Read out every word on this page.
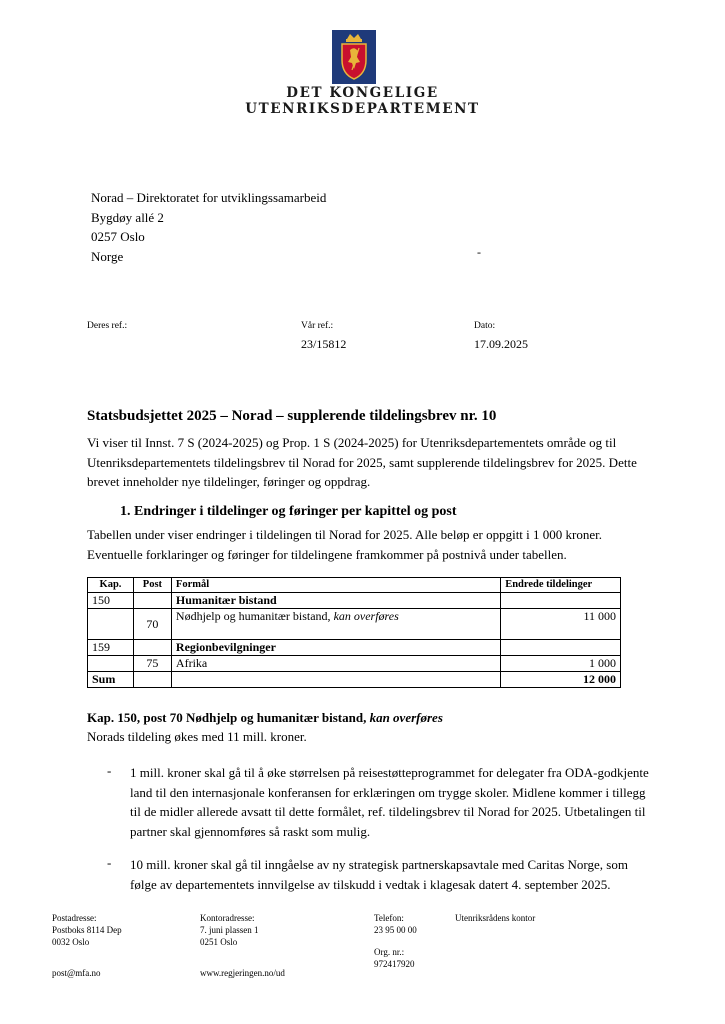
DET KONGELIGE
UTENRIKSDEPARTEMENT
Norad – Direktoratet for utviklingssamarbeid
Bygdøy allé 2
0257 Oslo
Norge	-
Deres ref.:	Vår ref.:
23/15812
Dato:
17.09.2025
Statsbudsjettet 2025 – Norad – supplerende tildelingsbrev nr. 10
Vi viser til Innst. 7 S (2024-2025) og Prop. 1 S (2024-2025) for Utenriksdepartementets område og til Utenriksdepartementets tildelingsbrev til Norad for 2025, samt supplerende tildelingsbrev for 2025. Dette brevet inneholder nye tildelinger, føringer og oppdrag.
1. Endringer i tildelinger og føringer per kapittel og post
Tabellen under viser endringer i tildelingen til Norad for 2025. Alle beløp er oppgitt i 1 000 kroner. Eventuelle forklaringer og føringer for tildelingene framkommer på postnivå under tabellen.
Kap.	Post	Formål	Endrede tildelinger
150		Humanitær bistand	
	70	Nødhjelp og humanitær bistand, kan overføres	11 000
159		Regionbevilgninger	
	75	Afrika	1 000
Sum			12 000
Kap. 150, post 70 Nødhjelp og humanitær bistand, kan overføres
Norads tildeling økes med 11 mill. kroner.
- 1 mill. kroner skal gå til å øke størrelsen på reisestøtteprogrammet for delegater fra ODA-godkjente land til den internasjonale konferansen for erklæringen om trygge skoler. Midlene kommer i tillegg til de midler allerede avsatt til dette formålet, ref. tildelingsbrev til Norad for 2025. Utbetalingen til partner skal gjennomføres så raskt som mulig.
- 10 mill. kroner skal gå til inngåelse av ny strategisk partnerskapsavtale med Caritas Norge, som følge av departementets innvilgelse av tilskudd i vedtak i klagesak datert 4. september 2025.
Postadresse:
Postboks 8114 Dep
0032 Oslo
post@mfa.no
Kontoradresse:
7. juni plassen 1
0251 Oslo
www.regjeringen.no/ud
Telefon:
23 95 00 00
Org. nr.:
972417920
Utenriksrådens kontor
